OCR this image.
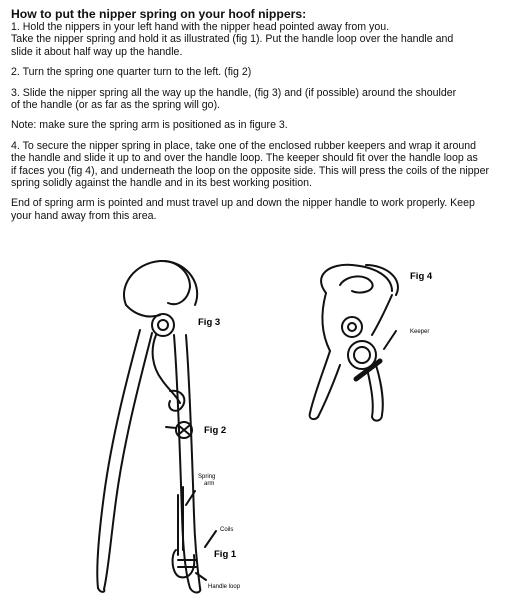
How to put the nipper spring on your hoof nippers:

1. Hold the nippers in your left hand with the nipper head pointed away from you.

Take the nipper spring and hold it as illustrated (fig 1). Put the handle loop over the handle and

slide it about half way up the handle.

2. Turn the spring one quarter turn to the left. (fig 2)

3. Slide the nipper spring all the way up the handle, (fig 3) and (if possible) around the shoulder

of the handle (or as far as the spring will go).

Note: make sure the spring arm is positioned as in figure 3.

4. To secure the nipper spring in place, take one of the enclosed rubber keepers and wrap it around

the handle and slide it up to and over the handle loop. The keeper should fit over the handle loop as

if faces you (fig 4), and underneath the loop on the opposite side. This will press the coils of the nipper

spring solidly against the handle and in its best working position.

End of spring arm is pointed and must travel up and down the nipper handle to work properly. Keep

your hand away from this area.

Fig 3
Fig 2
Spring
arm
Coils
Fig 1
Handle loop
Fig 4
Keeper
